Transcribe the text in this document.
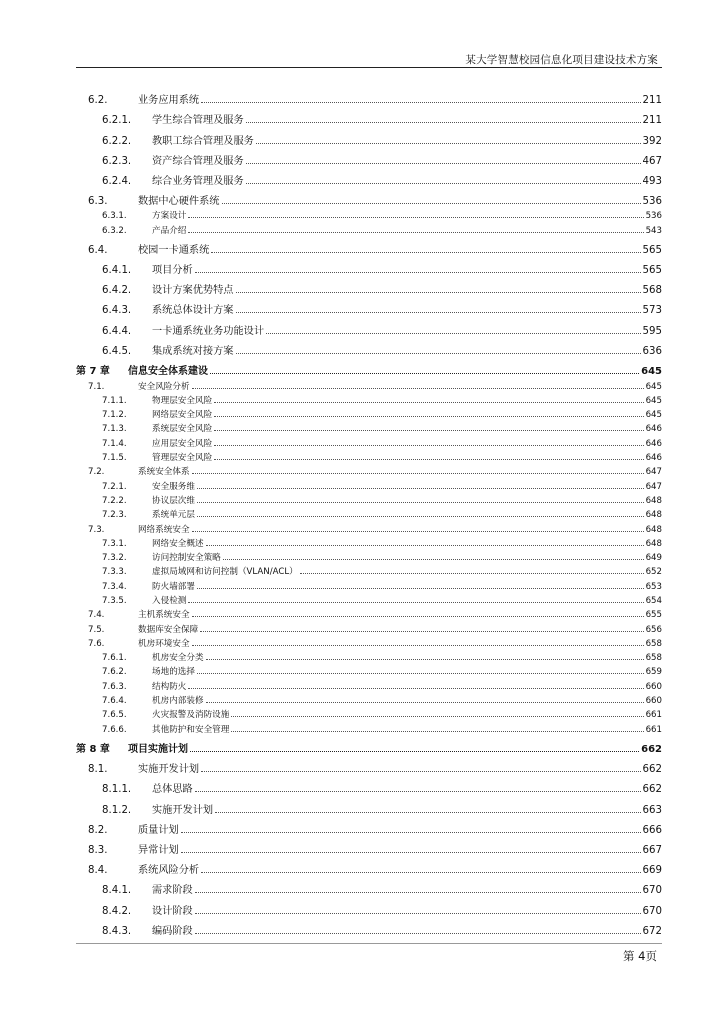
某大学智慧校园信息化项目建设技术方案
6.2.	业务应用系统	211
6.2.1.	学生综合管理及服务	211
6.2.2.	教职工综合管理及服务	392
6.2.3.	资产综合管理及服务	467
6.2.4.	综合业务管理及服务	493
6.3.	数据中心硬件系统	536
6.3.1.	方案设计	536
6.3.2.	产品介绍	543
6.4.	校园一卡通系统	565
6.4.1.	项目分析	565
6.4.2.	设计方案优势特点	568
6.4.3.	系统总体设计方案	573
6.4.4.	一卡通系统业务功能设计	595
6.4.5.	集成系统对接方案	636
第 7 章	信息安全体系建设	645
7.1.	安全风险分析	645
7.1.1.	物理层安全风险	645
7.1.2.	网络层安全风险	645
7.1.3.	系统层安全风险	646
7.1.4.	应用层安全风险	646
7.1.5.	管理层安全风险	646
7.2.	系统安全体系	647
7.2.1.	安全服务维	647
7.2.2.	协议层次维	648
7.2.3.	系统单元层	648
7.3.	网络系统安全	648
7.3.1.	网络安全概述	648
7.3.2.	访问控制安全策略	649
7.3.3.	虚拟局域网和访问控制（VLAN/ACL）	652
7.3.4.	防火墙部署	653
7.3.5.	入侵检测	654
7.4.	主机系统安全	655
7.5.	数据库安全保障	656
7.6.	机房环境安全	658
7.6.1.	机房安全分类	658
7.6.2.	场地的选择	659
7.6.3.	结构防火	660
7.6.4.	机房内部装修	660
7.6.5.	火灾报警及消防设施	661
7.6.6.	其他防护和安全管理	661
第 8 章	项目实施计划	662
8.1.	实施开发计划	662
8.1.1.	总体思路	662
8.1.2.	实施开发计划	663
8.2.	质量计划	666
8.3.	异常计划	667
8.4.	系统风险分析	669
8.4.1.	需求阶段	670
8.4.2.	设计阶段	670
8.4.3.	编码阶段	672
第 4页
